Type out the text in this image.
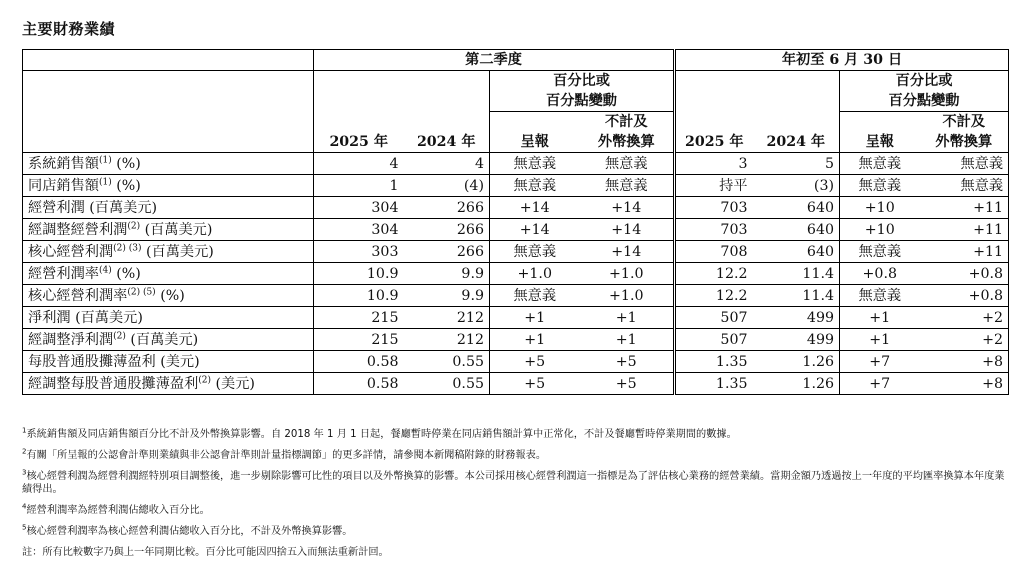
主要財務業績
	第二季度				年初至 6 月 30 日			
			百分比或				百分比或	
			百分點變動				百分點變動	
				不計及				不計及
	2025 年	2024 年	呈報	外幣換算	2025 年	2024 年	呈報	外幣換算
系統銷售額$^{(1)}$ (%)	4	4	無意義	無意義	3	5	無意義	無意義
同店銷售額$^{(1)}$ (%)	1	(4)	無意義	無意義	持平	(3)	無意義	無意義
經營利潤 (百萬美元)	304	266	+14	+14	703	640	+10	+11
經調整經營利潤$^{(2)}$ (百萬美元)	304	266	+14	+14	703	640	+10	+11
核心經營利潤$^{(2) (3)}$ (百萬美元)	303	266	無意義	+14	708	640	無意義	+11
經營利潤率$^{(4)}$ (%)	10.9	9.9	+1.0	+1.0	12.2	11.4	+0.8	+0.8
核心經營利潤率$^{(2) (5)}$ (%)	10.9	9.9	無意義	+1.0	12.2	11.4	無意義	+0.8
淨利潤 (百萬美元)	215	212	+1	+1	507	499	+1	+2
經調整淨利潤$^{(2)}$ (百萬美元)	215	212	+1	+1	507	499	+1	+2
每股普通股攤薄盈利 (美元)	0.58	0.55	+5	+5	1.35	1.26	+7	+8
經調整每股普通股攤薄盈利$^{(2)}$ (美元)	0.58	0.55	+5	+5	1.35	1.26	+7	+8
$^1$系統銷售額及同店銷售額百分比不計及外幣換算影響。自 2018 年 1 月 1 日起，餐廳暫時停業在同店銷售額計算中正常化，不計及餐廳暫時停業期間的數據。
$^2$有關「所呈報的公認會計準則業績與非公認會計準則計量指標調節」的更多詳情，請參閱本新聞稿附錄的財務報表。
$^3$核心經營利潤為經營利潤經特別項目調整後，進一步剔除影響可比性的項目以及外幣換算的影響。本公司採用核心經營利潤這一指標是為了評估核心業務的經營業績。當期金額乃透過按上一年度的平均匯率換算本年度業績得出。
$^4$經營利潤率為經營利潤佔總收入百分比。
$^5$核心經營利潤率為核心經營利潤佔總收入百分比，不計及外幣換算影響。
註：所有比較數字乃與上一年同期比較。百分比可能因四捨五入而無法重新計回。
